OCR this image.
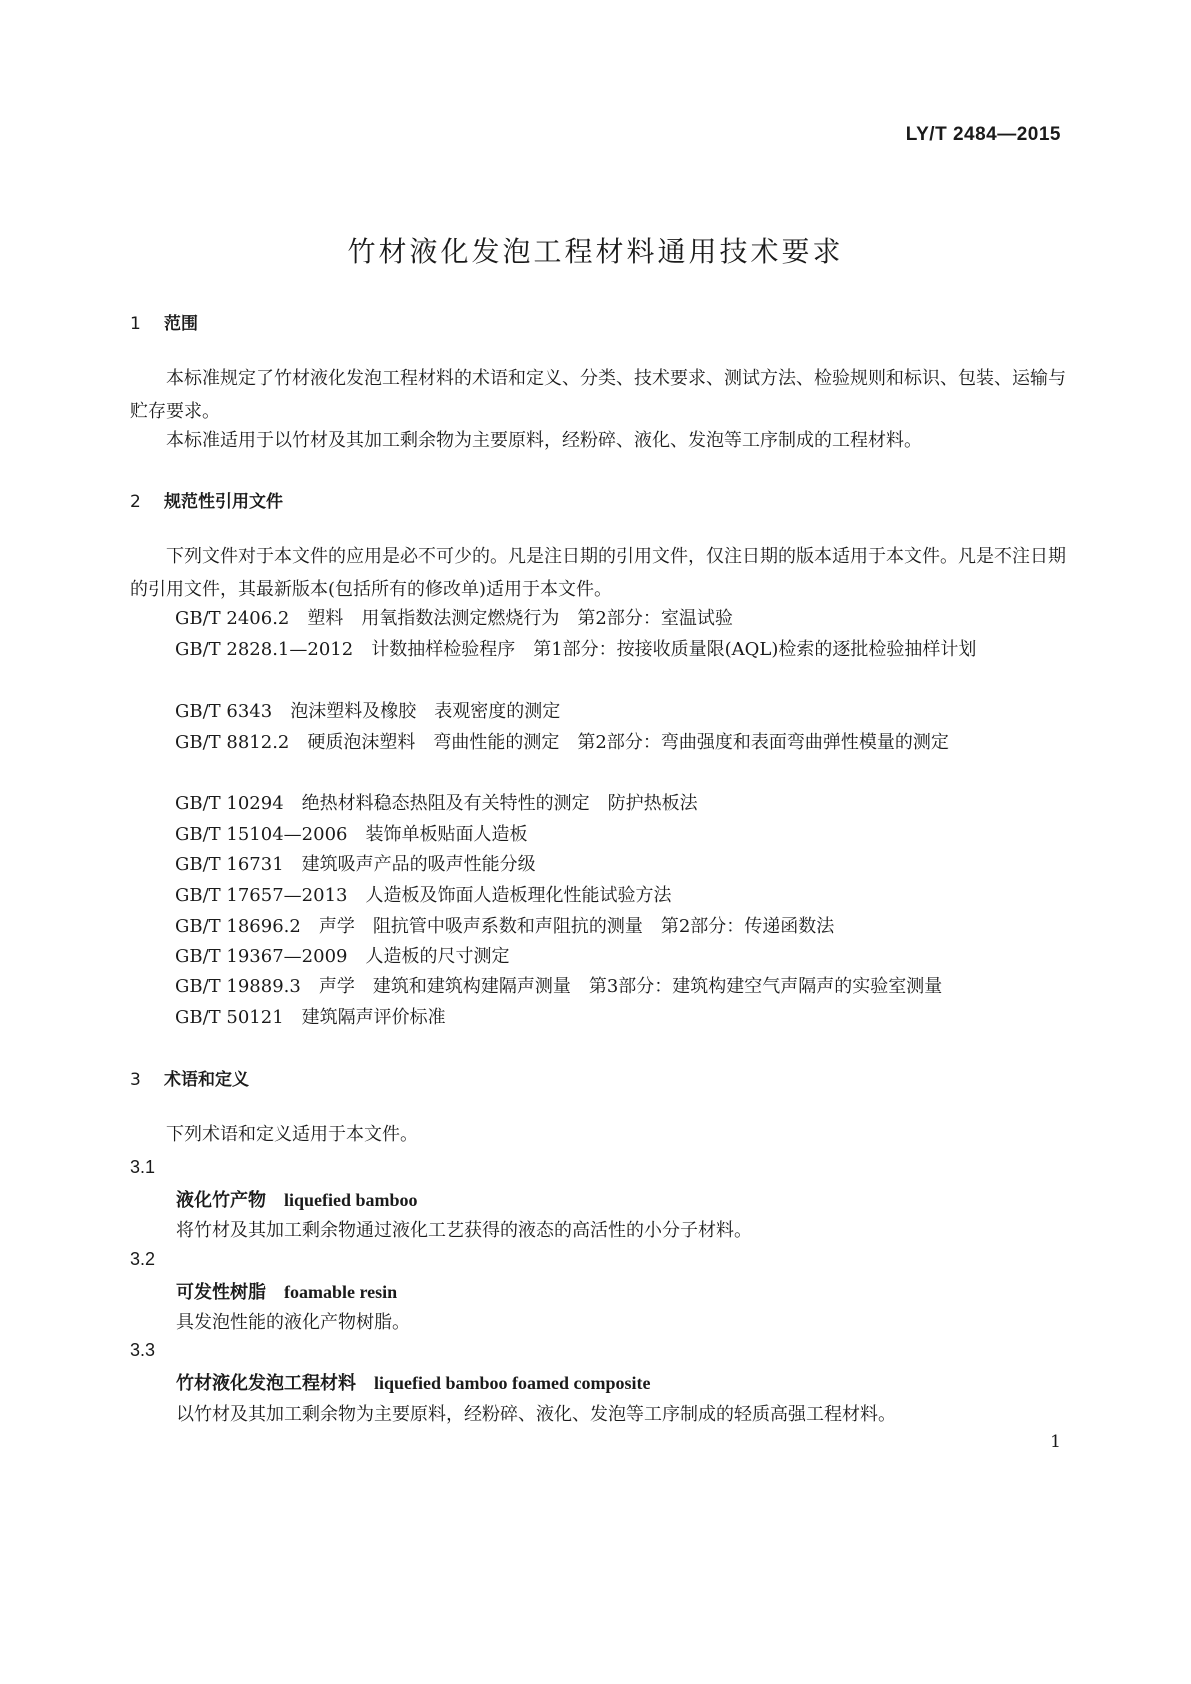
LY/T 2484—2015
竹材液化发泡工程材料通用技术要求
1 范围
本标准规定了竹材液化发泡工程材料的术语和定义、分类、技术要求、测试方法、检验规则和标识、包装、运输与贮存要求。
本标准适用于以竹材及其加工剩余物为主要原料，经粉碎、液化、发泡等工序制成的工程材料。
2 规范性引用文件
下列文件对于本文件的应用是必不可少的。凡是注日期的引用文件，仅注日期的版本适用于本文件。凡是不注日期的引用文件，其最新版本(包括所有的修改单)适用于本文件。
GB/T 2406.2　塑料　用氧指数法测定燃烧行为　第2部分：室温试验
GB/T 2828.1—2012　计数抽样检验程序　第1部分：按接收质量限(AQL)检索的逐批检验抽样计划
GB/T 6343　泡沫塑料及橡胶　表观密度的测定
GB/T 8812.2　硬质泡沫塑料　弯曲性能的测定　第2部分：弯曲强度和表面弯曲弹性模量的测定
GB/T 10294　绝热材料稳态热阻及有关特性的测定　防护热板法
GB/T 15104—2006　装饰单板贴面人造板
GB/T 16731　建筑吸声产品的吸声性能分级
GB/T 17657—2013　人造板及饰面人造板理化性能试验方法
GB/T 18696.2　声学　阻抗管中吸声系数和声阻抗的测量　第2部分：传递函数法
GB/T 19367—2009　人造板的尺寸测定
GB/T 19889.3　声学　建筑和建筑构建隔声测量　第3部分：建筑构建空气声隔声的实验室测量
GB/T 50121　建筑隔声评价标准
3 术语和定义
下列术语和定义适用于本文件。
3.1
液化竹产物 liquefied bamboo
将竹材及其加工剩余物通过液化工艺获得的液态的高活性的小分子材料。
3.2
可发性树脂 foamable resin
具发泡性能的液化产物树脂。
3.3
竹材液化发泡工程材料 liquefied bamboo foamed composite
以竹材及其加工剩余物为主要原料，经粉碎、液化、发泡等工序制成的轻质高强工程材料。
1
